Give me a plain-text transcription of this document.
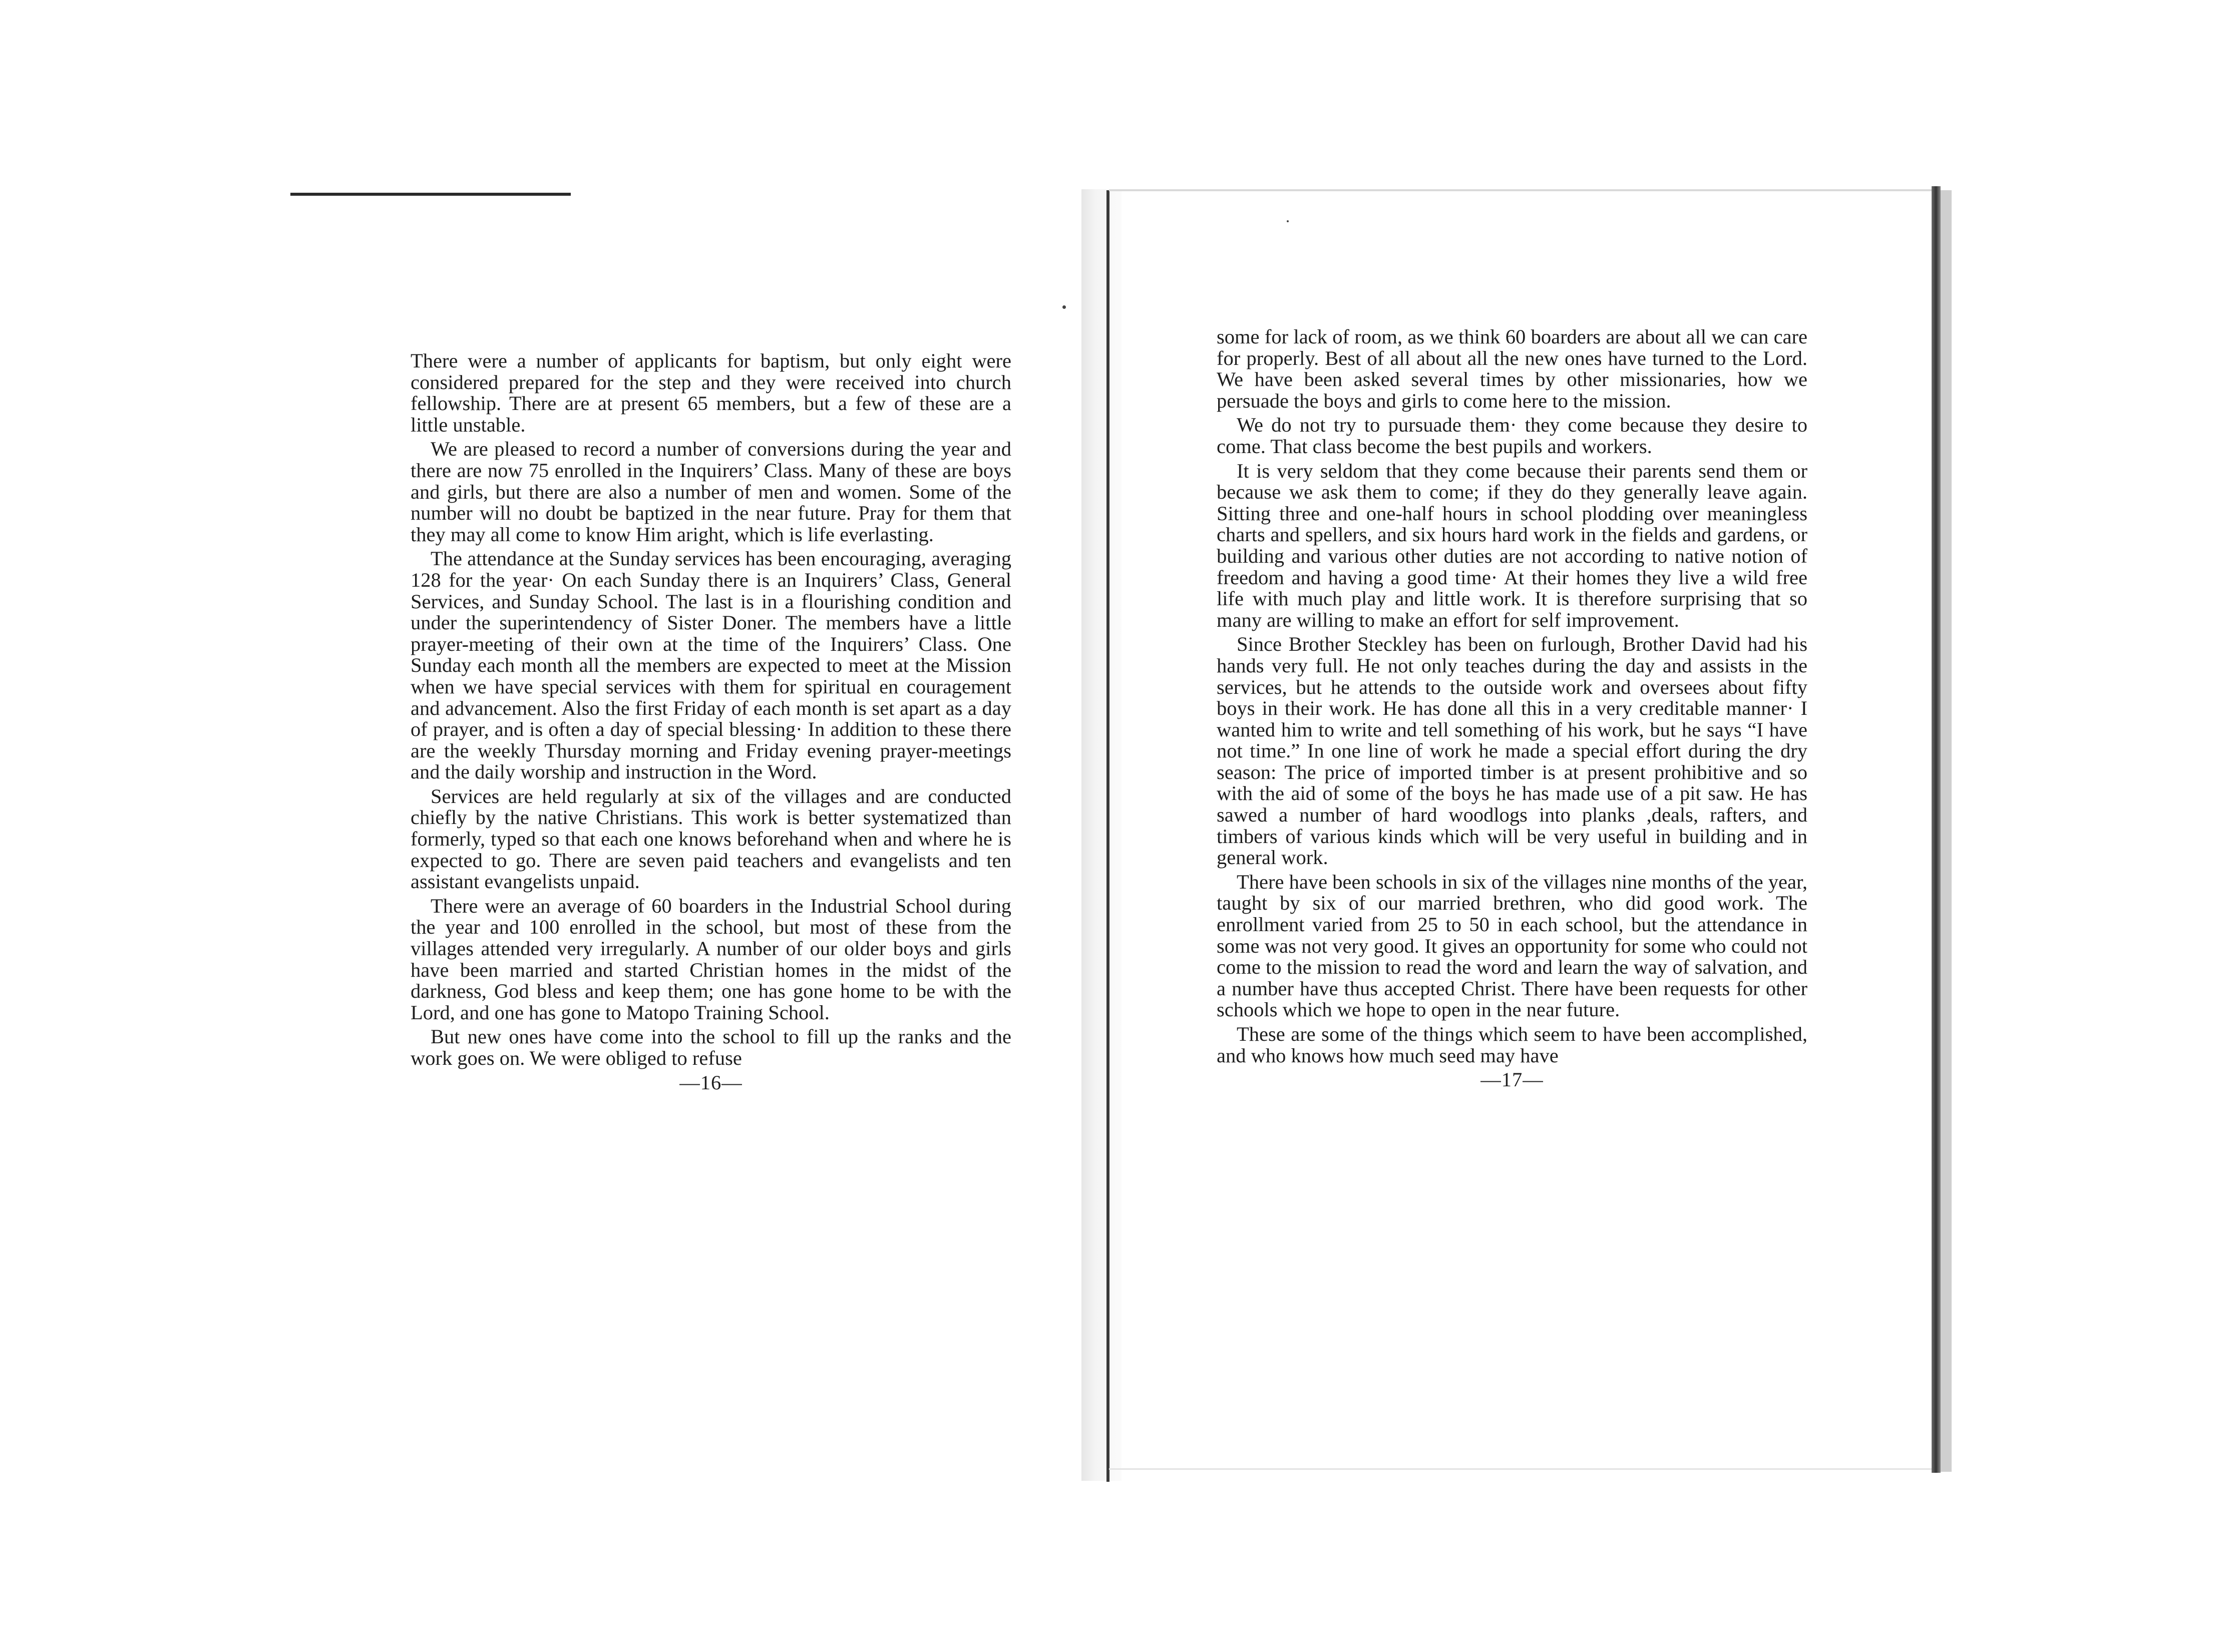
There were a number of applicants for baptism, but only eight were considered prepared for the step and they were received into church fellowship. There are at present 65 members, but a few of these are a little unstable.

We are pleased to record a number of conversions during the year and there are now 75 enrolled in the Inquirers’ Class. Many of these are boys and girls, but there are also a number of men and women. Some of the number will no doubt be baptized in the near future. Pray for them that they may all come to know Him aright, which is life everlasting.

The attendance at the Sunday services has been encouraging, averaging 128 for the year· On each Sunday there is an Inquirers’ Class, General Services, and Sunday School. The last is in a flourishing condition and under the superintendency of Sister Doner. The members have a little prayer-meeting of their own at the time of the Inquirers’ Class. One Sunday each month all the members are expected to meet at the Mission when we have special services with them for spiritual en couragement and advancement. Also the first Friday of each month is set apart as a day of prayer, and is often a day of special blessing· In addition to these there are the weekly Thursday morning and Friday evening prayer-meetings and the daily worship and instruction in the Word.

Services are held regularly at six of the villages and are conducted chiefly by the native Christians. This work is better systematized than formerly, typed so that each one knows beforehand when and where he is expected to go. There are seven paid teachers and evangelists and ten assistant evangelists unpaid.

There were an average of 60 boarders in the Industrial School during the year and 100 enrolled in the school, but most of these from the villages attended very irregularly. A number of our older boys and girls have been married and started Christian homes in the midst of the darkness, God bless and keep them; one has gone home to be with the Lord, and one has gone to Matopo Training School.

But new ones have come into the school to fill up the ranks and the work goes on. We were obliged to refuse

—16—

some for lack of room, as we think 60 boarders are about all we can care for properly. Best of all about all the new ones have turned to the Lord. We have been asked several times by other missionaries, how we persuade the boys and girls to come here to the mission.

We do not try to pursuade them· they come because they desire to come. That class become the best pupils and workers.

It is very seldom that they come because their parents send them or because we ask them to come; if they do they generally leave again. Sitting three and one-half hours in school plodding over meaningless charts and spellers, and six hours hard work in the fields and gardens, or building and various other duties are not according to native notion of freedom and having a good time· At their homes they live a wild free life with much play and little work. It is therefore surprising that so many are willing to make an effort for self improvement.

Since Brother Steckley has been on furlough, Brother David had his hands very full. He not only teaches during the day and assists in the services, but he attends to the outside work and oversees about fifty boys in their work. He has done all this in a very creditable manner· I wanted him to write and tell something of his work, but he says “I have not time.” In one line of work he made a special effort during the dry season: The price of imported timber is at present prohibitive and so with the aid of some of the boys he has made use of a pit saw. He has sawed a number of hard woodlogs into planks ,deals, rafters, and timbers of various kinds which will be very useful in building and in general work.

There have been schools in six of the villages nine months of the year, taught by six of our married brethren, who did good work. The enrollment varied from 25 to 50 in each school, but the attendance in some was not very good. It gives an opportunity for some who could not come to the mission to read the word and learn the way of salvation, and a number have thus accepted Christ. There have been requests for other schools which we hope to open in the near future.

These are some of the things which seem to have been accomplished, and who knows how much seed may have

—17—
